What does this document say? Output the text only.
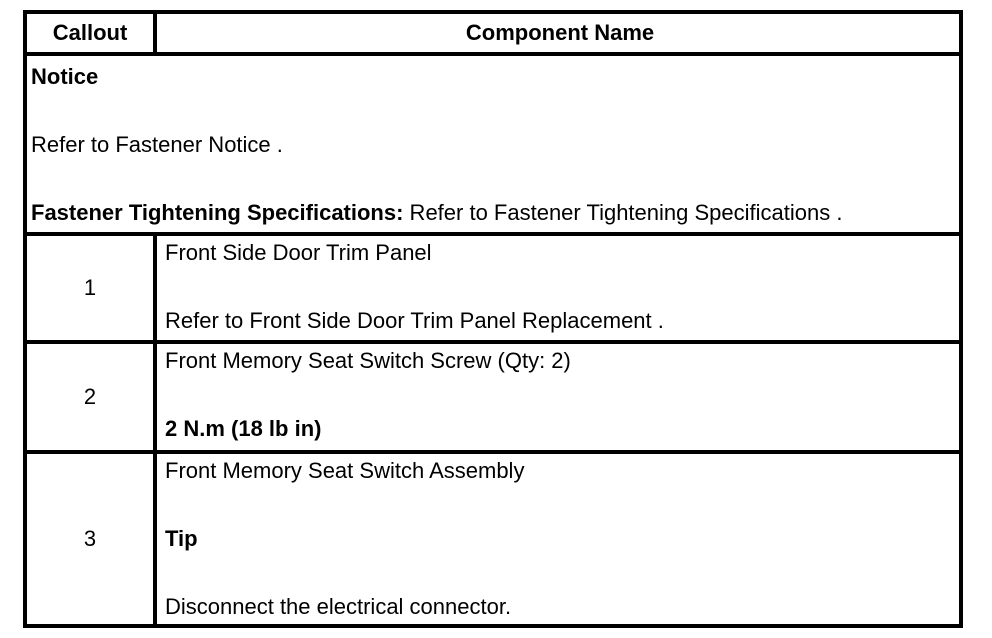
Callout	Component Name
Notice
Refer to Fastener Notice .
Fastener Tightening Specifications: Refer to Fastener Tightening Specifications .
1
Front Side Door Trim Panel
Refer to Front Side Door Trim Panel Replacement .
2
Front Memory Seat Switch Screw (Qty: 2)
2 N.m (18 lb in)
3
Front Memory Seat Switch Assembly
Tip
Disconnect the electrical connector.
